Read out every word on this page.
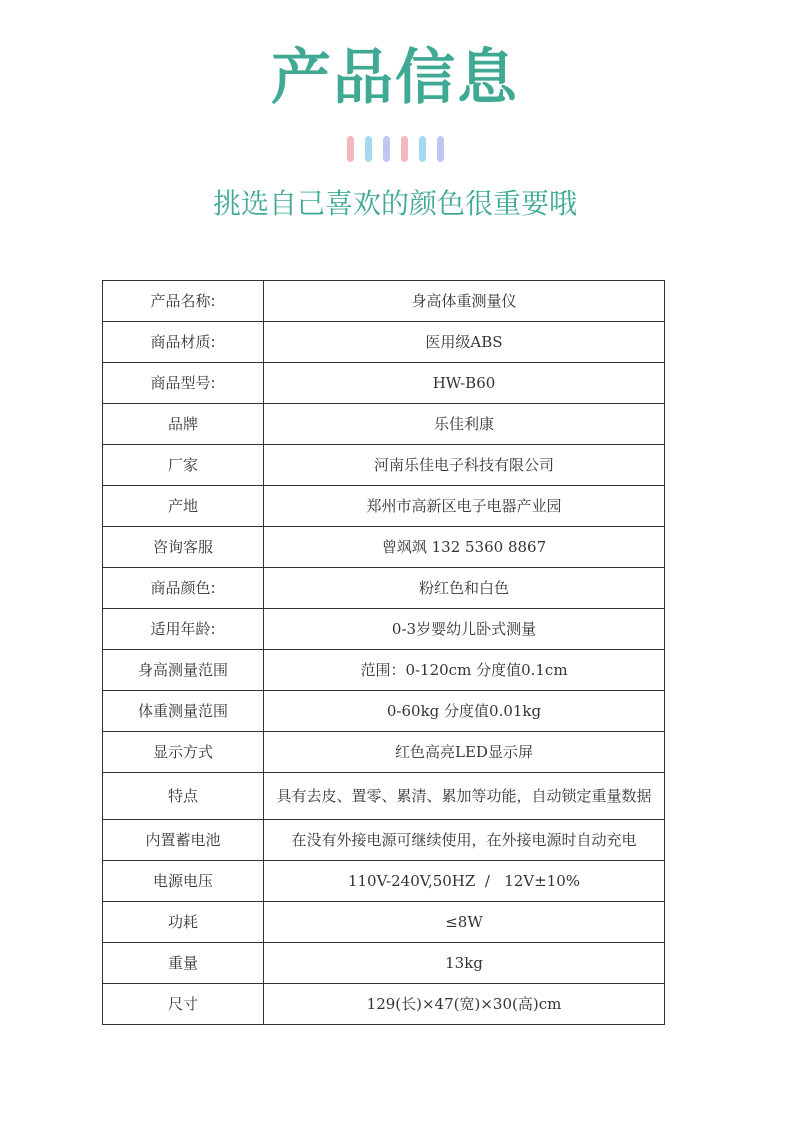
产品信息
挑选自己喜欢的颜色很重要哦
产品名称:	身高体重测量仪
商品材质:	医用级ABS
商品型号:	HW-B60
品牌	乐佳利康
厂家	河南乐佳电子科技有限公司
产地	郑州市高新区电子电器产业园
咨询客服	曾飒飒 132 5360 8867
商品颜色:	粉红色和白色
适用年龄:	0-3岁婴幼儿卧式测量
身高测量范围	范围：0-120cm 分度值0.1cm
体重测量范围	0-60kg 分度值0.01kg
显示方式	红色高亮LED显示屏
特点	具有去皮、置零、累清、累加等功能，自动锁定重量数据
内置蓄电池	在没有外接电源可继续使用，在外接电源时自动充电
电源电压	110V-240V,50HZ  /   12V±10%
功耗	≤8W
重量	13kg
尺寸	129(长)×47(宽)×30(高)cm
